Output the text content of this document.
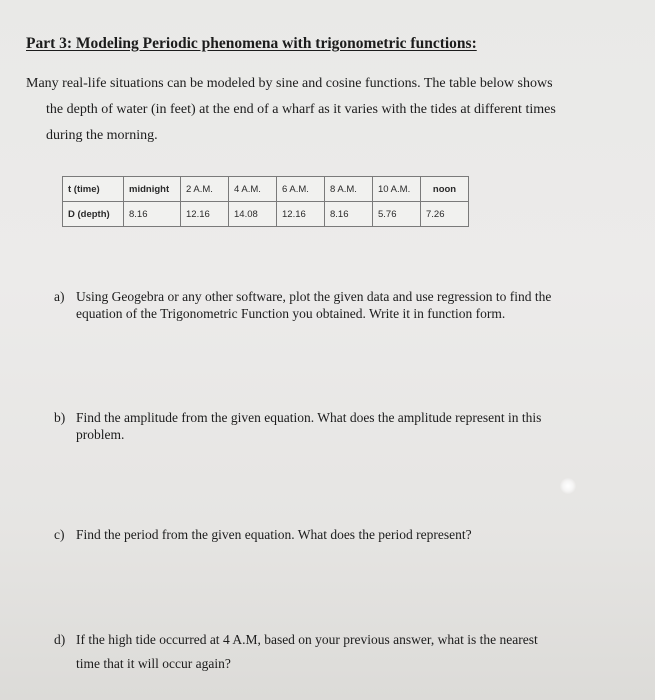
Part 3: Modeling Periodic phenomena with trigonometric functions:
Many real-life situations can be modeled by sine and cosine functions. The table below shows
the depth of water (in feet) at the end of a wharf as it varies with the tides at different times
during the morning.
t (time)	midnight	2 A.M.	4 A.M.	6 A.M.	8 A.M.	10 A.M.	noon
D (depth)	8.16	12.16	14.08	12.16	8.16	5.76	7.26
a) Using Geogebra or any other software, plot the given data and use regression to find the
equation of the Trigonometric Function you obtained. Write it in function form.
b) Find the amplitude from the given equation. What does the amplitude represent in this
problem.
c) Find the period from the given equation. What does the period represent?
d) If the high tide occurred at 4 A.M, based on your previous answer, what is the nearest
time that it will occur again?
